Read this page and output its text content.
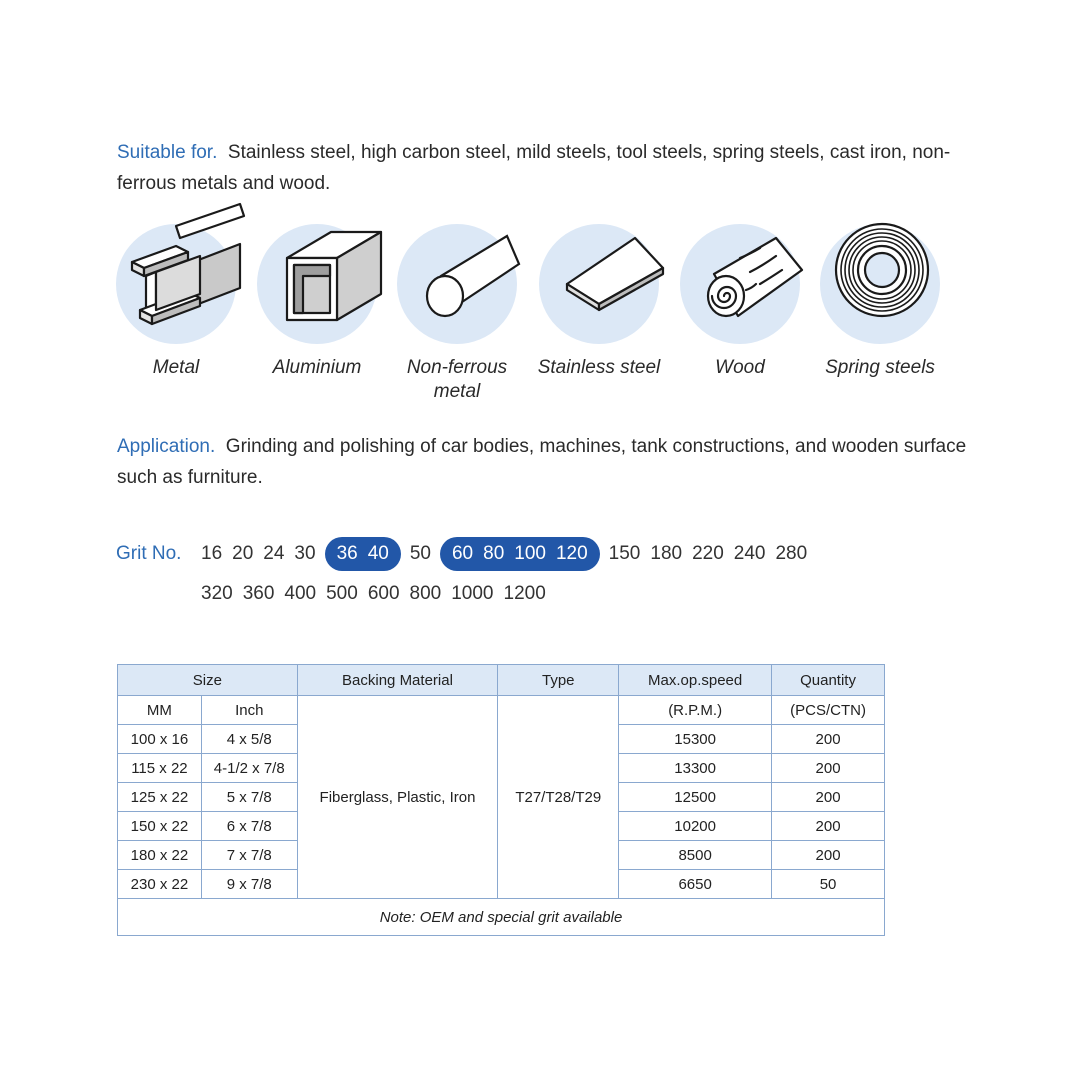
Suitable for. Stainless steel, high carbon steel, mild steels, tool steels, spring steels, cast iron, non-ferrous metals and wood.
Metal	Aluminium	Non-ferrous metal
Stainless steel	Wood	Spring steels
Application. Grinding and polishing of car bodies, machines, tank constructions, and wooden surface such as furniture.
Grit No. 16 20 24 30 36 40 50 60 80 100 120 150 180 220 240 280
320 360 400 500 600 800 1000 1200
Size		Backing Material	Type	Max.op.speed	Quantity
MM	Inch	Fiberglass, Plastic, Iron	T27/T28/T29	(R.P.M.)	(PCS/CTN)
100 x 16	4 x 5/8			15300	200
115 x 22	4-1/2 x 7/8			13300	200
125 x 22	5 x 7/8			12500	200
150 x 22	6 x 7/8			10200	200
180 x 22	7 x 7/8			8500	200
230 x 22	9 x 7/8			6650	50
Note: OEM and special grit available					
